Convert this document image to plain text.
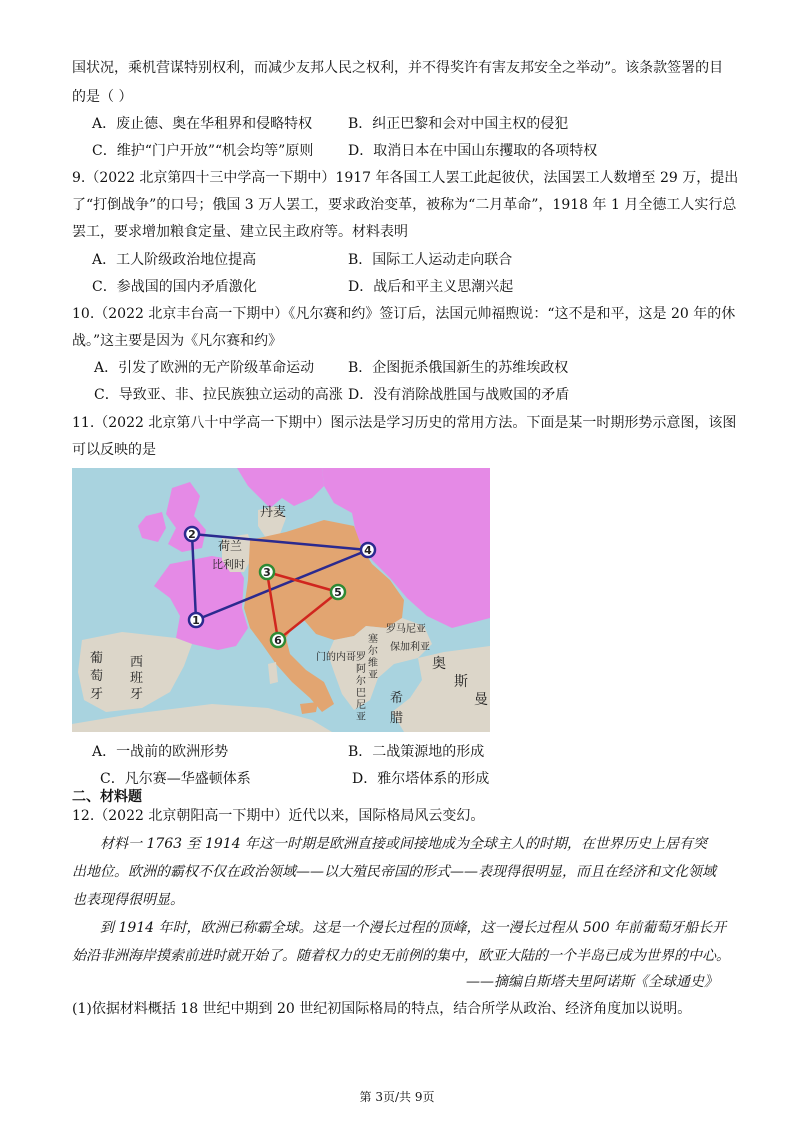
国状况，乘机营谋特别权利，而减少友邦人民之权利，并不得奖许有害友邦安全之举动”。该条款签署的目
的是（ ）
A．废止德、奥在华租界和侵略特权	B．纠正巴黎和会对中国主权的侵犯
C．维护“门户开放”“机会均等”原则 D．取消日本在中国山东攫取的各项特权
9.（2022 北京第四十三中学高一下期中）1917 年各国工人罢工此起彼伏，法国罢工人数增至 29 万，提出
了“打倒战争”的口号；俄国 3 万人罢工，要求政治变革，被称为“二月革命”，1918 年 1 月全德工人实行总
罢工，要求增加粮食定量、建立民主政府等。材料表明
A．工人阶级政治地位提高	B．国际工人运动走向联合
C．参战国的国内矛盾激化	D．战后和平主义思潮兴起
10.（2022 北京丰台高一下期中）《凡尔赛和约》签订后，法国元帅福煦说：“这不是和平，这是 20 年的休
战。”这主要是因为《凡尔赛和约》
A．引发了欧洲的无产阶级革命运动 B．企图扼杀俄国新生的苏维埃政权
C．导致亚、非、拉民族独立运动的高涨 D．没有消除战胜国与战败国的矛盾
11.（2022 北京第八十中学高一下期中）图示法是学习历史的常用方法。下面是某一时期形势示意图，该图
可以反映的是
1
2
3
4
5
6
丹麦
荷兰
比利时
葡
萄
牙
西
班
牙
罗马尼亚
保加利亚
塞
尔
维
亚
门的内哥 罗
阿
尔
巴
尼
亚
希
腊
奥
斯
曼
A．一战前的欧洲形势	B．二战策源地的形成
C．凡尔赛—华盛顿体系	D．雅尔塔体系的形成
二、材料题
12.（2022 北京朝阳高一下期中）近代以来，国际格局风云变幻。
材料一 1763 至 1914 年这一时期是欧洲直接或间接地成为全球主人的时期，在世界历史上居有突
出地位。欧洲的霸权不仅在政治领域——以大殖民帝国的形式——表现得很明显，而且在经济和文化领域
也表现得很明显。
到 1914 年时，欧洲已称霸全球。这是一个漫长过程的顶峰，这一漫长过程从 500 年前葡萄牙船长开
始沿非洲海岸摸索前进时就开始了。随着权力的史无前例的集中，欧亚大陆的一个半岛已成为世界的中心。
——摘编自斯塔夫里阿诺斯《全球通史》
(1)依据材料概括 18 世纪中期到 20 世纪初国际格局的特点，结合所学从政治、经济角度加以说明。
第 3页/共 9页
